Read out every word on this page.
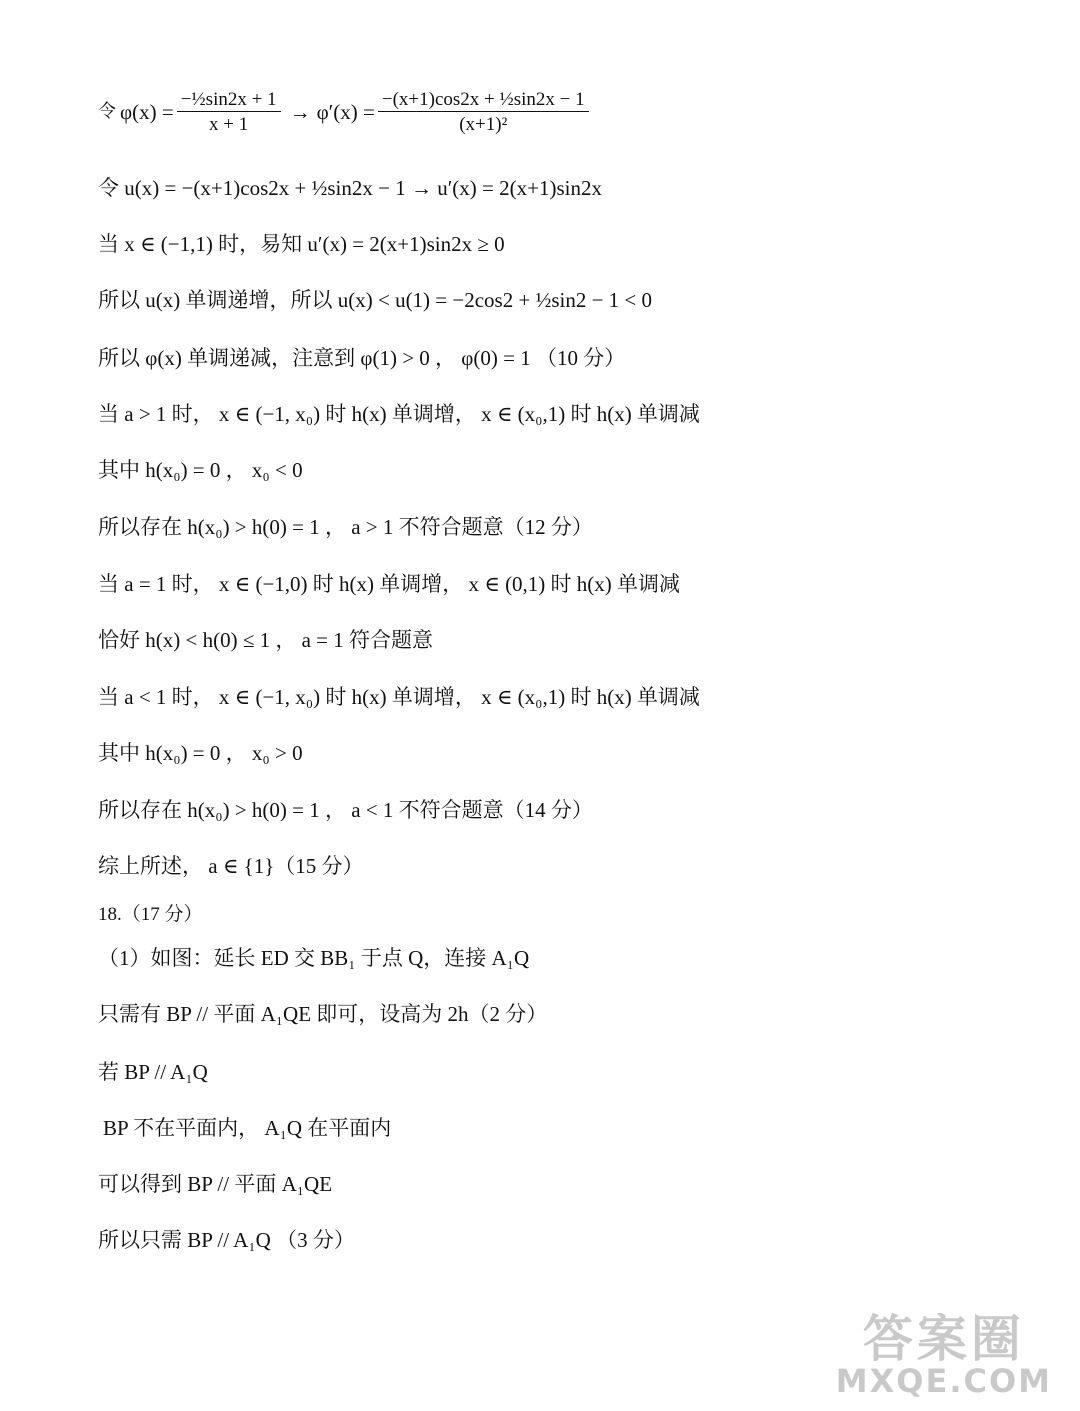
令 $\varphi(x) = \frac{\text{−½sin2x + 1}}{x + 1} \to \varphi'(x) = \frac{\text{−(x+1)cos2x + ½sin2x − 1}}{\text{(x+1)²}}$
令 u(x) = −(x+1)cos2x + ½sin2x − 1 → u′(x) = 2(x+1)sin2x
当 x ∈ (−1,1) 时，易知 u′(x) = 2(x+1)sin2x ≥ 0
所以 u(x) 单调递增，所以 u(x) < u(1) = −2cos2 + ½sin2 − 1 < 0
所以 φ(x) 单调递减，注意到 φ(1) > 0 ， φ(0) = 1 （10 分）
当 a > 1 时， x ∈ (−1, x₀) 时 h(x) 单调增， x ∈ (x₀,1) 时 h(x) 单调减
其中 h(x₀) = 0 ， x₀ < 0
所以存在 h(x₀) > h(0) = 1 ， a > 1 不符合题意（12 分）
当 a = 1 时， x ∈ (−1,0) 时 h(x) 单调增， x ∈ (0,1) 时 h(x) 单调减
恰好 h(x) < h(0) ≤ 1 ， a = 1 符合题意
当 a < 1 时， x ∈ (−1, x₀) 时 h(x) 单调增， x ∈ (x₀,1) 时 h(x) 单调减
其中 h(x₀) = 0 ， x₀ > 0
所以存在 h(x₀) > h(0) = 1 ， a < 1 不符合题意（14 分）
综上所述， a ∈ {1}（15 分）
18.（17 分）
（1）如图：延长 ED 交 BB₁ 于点 Q，连接 A₁Q
只需有 BP // 平面 A₁QE 即可，设高为 2h（2 分）
若 BP // A₁Q
BP 不在平面内， A₁Q 在平面内
可以得到 BP // 平面 A₁QE
所以只需 BP // A₁Q （3 分）
答案圈
MXQE.COM
